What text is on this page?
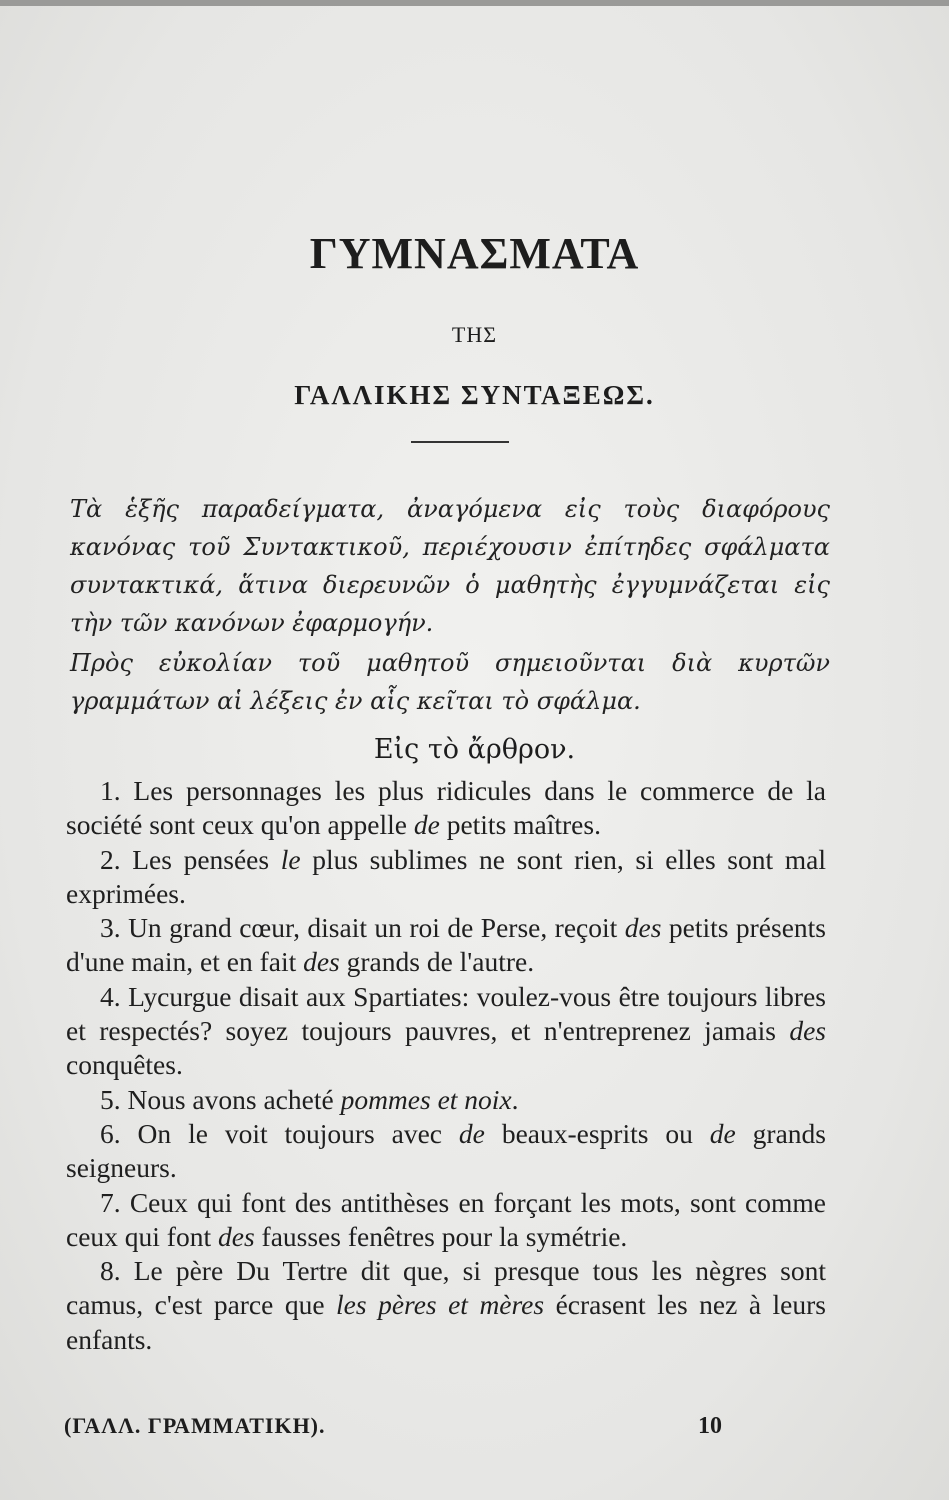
ΓΥΜΝΑΣΜΑΤΑ
ΤΗΣ
ΓΑΛΛΙΚΗΣ ΣΥΝΤΑΞΕΩΣ.
Τὰ ἑξῆς παραδείγματα, ἀναγόμενα εἰς τοὺς διαφόρους κανόνας τοῦ Συντακτικοῦ, περιέχουσιν ἐπίτηδες σφάλματα συντακτικά, ἅτινα διερευνῶν ὁ μαθητὴς ἐγγυμνάζεται εἰς τὴν τῶν κανόνων ἐφαρμογήν.
Πρὸς εὐκολίαν τοῦ μαθητοῦ σημειοῦνται διὰ κυρτῶν γραμμάτων αἱ λέξεις ἐν αἷς κεῖται τὸ σφάλμα.
Εἰς τὸ ἄρθρον.

1. Les personnages les plus ridicules dans le commerce de la société sont ceux qu'on appelle de petits maîtres.

2. Les pensées le plus sublimes ne sont rien, si elles sont mal exprimées.

3. Un grand cœur, disait un roi de Perse, reçoit des petits présents d'une main, et en fait des grands de l'autre.

4. Lycurgue disait aux Spartiates: voulez-vous être toujours libres et respectés? soyez toujours pauvres, et n'entreprenez jamais des conquêtes.

5. Nous avons acheté pommes et noix.

6. On le voit toujours avec de beaux-esprits ou de grands seigneurs.

7. Ceux qui font des antithèses en forçant les mots, sont comme ceux qui font des fausses fenêtres pour la symétrie.

8. Le père Du Tertre dit que, si presque tous les nègres sont camus, c'est parce que les pères et mères écrasent les nez à leurs enfants.

(ΓΑΛΛ. ΓΡΑΜΜΑΤΙΚΗ).	10
